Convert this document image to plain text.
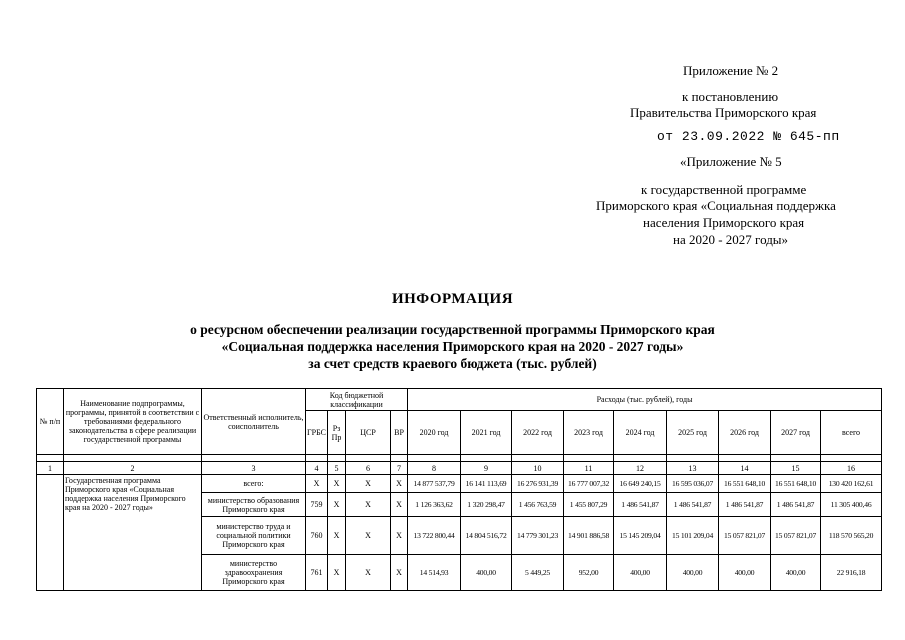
Приложение № 2
к постановлению
Правительства Приморского края
от 23.09.2022 № 645-пп
«Приложение № 5
к государственной программе
Приморского края «Социальная поддержка
населения Приморского края
на 2020 - 2027 годы»
ИНФОРМАЦИЯ
о ресурсном обеспечении реализации государственной программы Приморского края
«Социальная поддержка населения Приморского края на 2020 - 2027 годы»
за счет средств краевого бюджета (тыс. рублей)
№ п/п	Наименование подпрограммы, программы, принятой в соответствии с требованиями федерального законодательства в сфере реализации государственной программы	Ответственный исполнитель, соисполнитель	Код бюджетной классификации				Расходы (тыс. рублей), годы								
			ГРБС	Рз Пр	ЦСР	ВР	2020 год	2021 год	2022 год	2023 год	2024 год	2025 год	2026 год	2027 год	всего

1	2	3	4	5	6	7	8	9	10	11	12	13	14	15	16
	Государственная программа Приморского края «Социальная поддержка населения Приморского края на 2020 - 2027 годы»	всего:	X	X	X	X	14 877 537,79	16 141 113,69	16 276 931,39	16 777 007,32	16 649 240,15	16 595 036,07	16 551 648,10	16 551 648,10	130 420 162,61
		министерство образования Приморского края	759	X	X	X	1 126 363,62	1 320 298,47	1 456 763,59	1 455 807,29	1 486 541,87	1 486 541,87	1 486 541,87	1 486 541,87	11 305 400,46
		министерство труда и социальной политики Приморского края	760	X	X	X	13 722 800,44	14 804 516,72	14 779 301,23	14 901 886,58	15 145 209,04	15 101 209,04	15 057 821,07	15 057 821,07	118 570 565,20
		министерство здравоохранения Приморского края	761	X	X	X	14 514,93	400,00	5 449,25	952,00	400,00	400,00	400,00	400,00	22 916,18
